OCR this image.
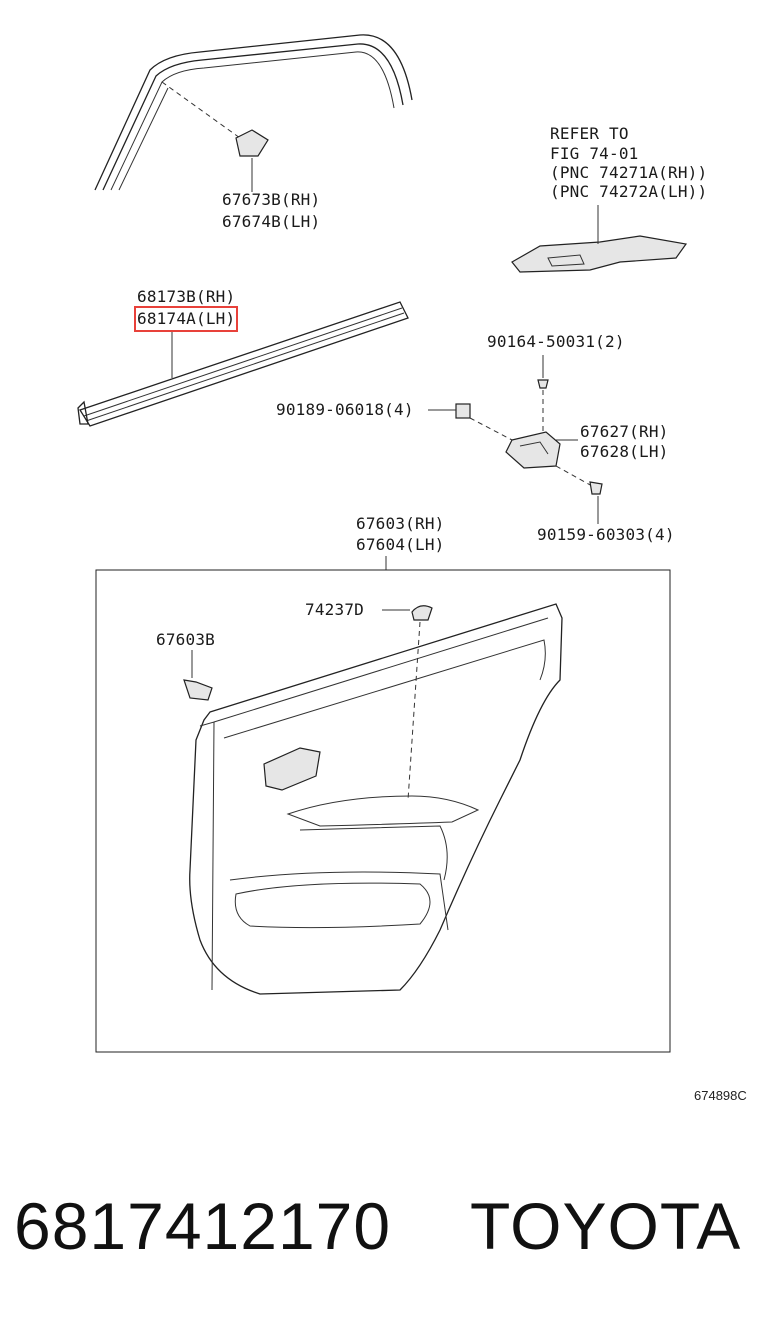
67673B(RH)
67674B(LH)
REFER TO
FIG 74-01
(PNC 74271A(RH))
(PNC 74272A(LH))
68173B(RH)
68174A(LH)
90164-50031(2)
90189-06018(4)
67627(RH)
67628(LH)
90159-60303(4)
67603(RH)
67604(LH)
74237D
67603B
674898C
6817412170 TOYOTA
